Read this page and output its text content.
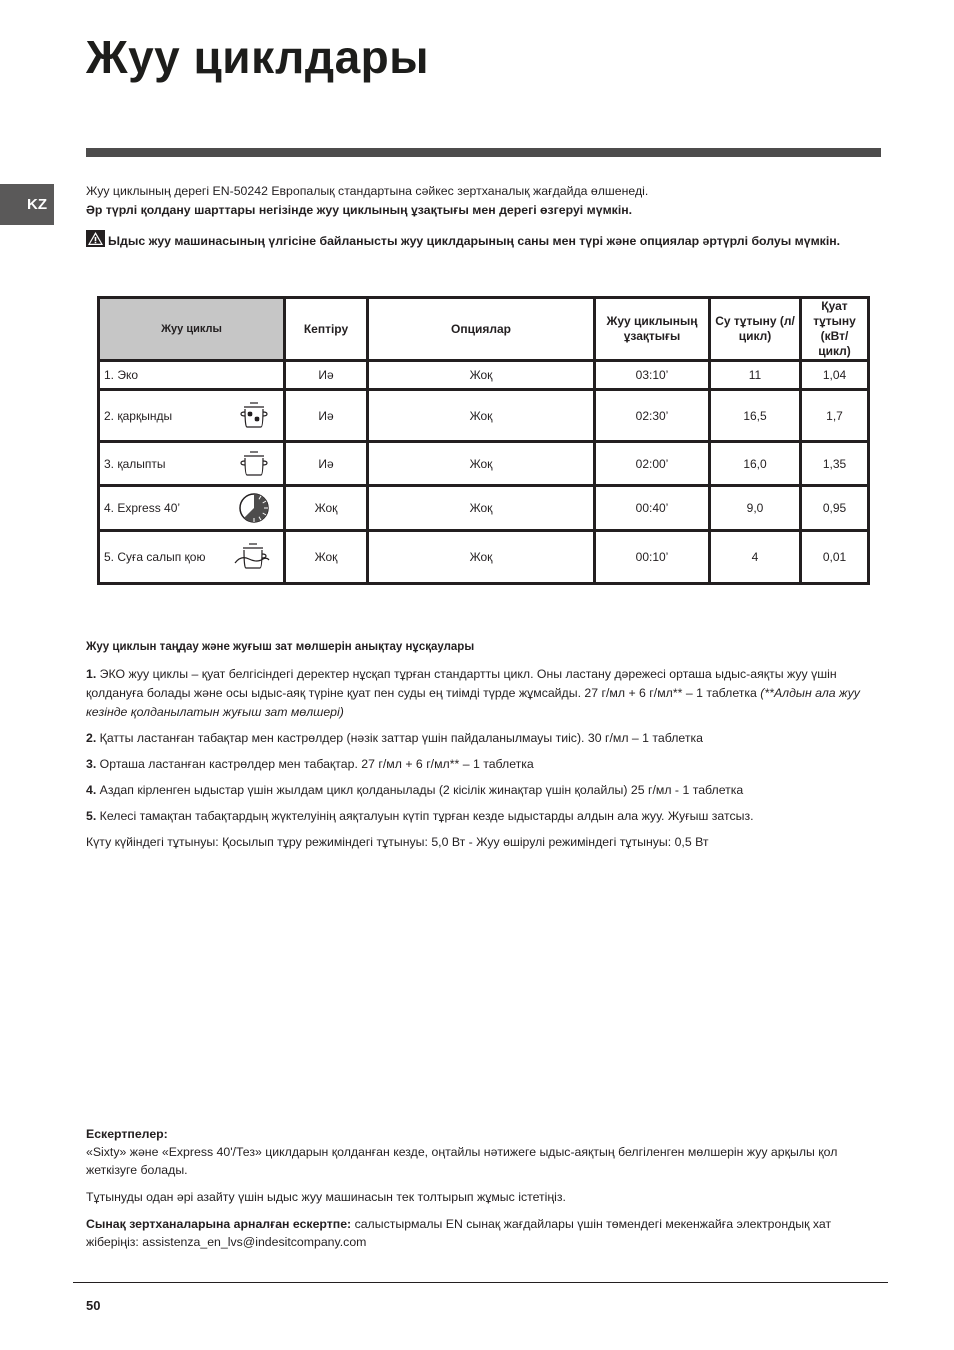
Жуу циклдары
KZ

Жуу циклының дерегі EN-50242 Европалық стандартына сәйкес зертханалық жағдайда өлшенеді.

Әр түрлі қолдану шарттары негізінде жуу циклының ұзақтығы мен дерегі өзгеруі мүмкін.

Ыдыс жуу машинасының үлгісіне байланысты жуу циклдарының саны мен түрі және опциялар әртүрлі болуы мүмкін.
Жуу циклы	Кептіру	Опциялар	Жуу циклының ұзақтығы	Су тұтыну (л/цикл)	Қуат тұтыну (кВт/цикл)
1. Эко	Иә	Жоқ	03:10’	11	1,04
2. қарқынды	Иә	Жоқ	02:30’	16,5	1,7
3. қалыпты	Иә	Жоқ	02:00’	16,0	1,35
4. Express 40’	Жоқ	Жоқ	00:40’	9,0	0,95
5. Суға салып қою	Жоқ	Жоқ	00:10’	4	0,01
Жуу циклын таңдау және жуғыш зат мөлшерін анықтау нұсқаулары

1. ЭКО жуу циклы – қуат белгісіндегі деректер нұсқап тұрған стандартты цикл. Оны ластану дәрежесі орташа ыдыс-аяқты жуу үшін қолдануға болады және осы ыдыс-аяқ түріне қуат пен суды ең тиімді түрде жұмсайды. 27 г/мл + 6 г/мл** – 1 таблетка (**Алдын ала жуу кезінде қолданылатын жуғыш зат мөлшері)

2. Қатты ластанған табақтар мен кастрөлдер (нәзік заттар үшін пайдаланылмауы тиіс). 30 г/мл – 1 таблетка

3. Орташа ластанған кастрөлдер мен табақтар. 27 г/мл + 6 г/мл** – 1 таблетка

4. Аздап кірленген ыдыстар үшін жылдам цикл қолданылады (2 кісілік жинақтар үшін қолайлы) 25 г/мл - 1 таблетка

5. Келесі тамақтан табақтардың жүктелуінің аяқталуын күтіп тұрған кезде ыдыстарды алдын ала жуу. Жуғыш затсыз.

Күту күйіндегі тұтынуы: Қосылып тұру режиміндегі тұтынуы: 5,0 Вт - Жуу өшірулі режиміндегі тұтынуы: 0,5 Вт

Ескертпелер:

«Sixty» және «Express 40'/Тез» циклдарын қолданған кезде, оңтайлы нәтижеге ыдыс-аяқтың белгіленген мөлшерін жуу арқылы қол жеткізуге болады.

Тұтынуды одан әрі азайту үшін ыдыс жуу машинасын тек толтырып жұмыс істетіңіз.

Сынақ зертханаларына арналған ескертпе: салыстырмалы EN сынақ жағдайлары үшін төмендегі мекенжайға электрондық хат жіберіңіз: assistenza_en_lvs@indesitcompany.com

50
